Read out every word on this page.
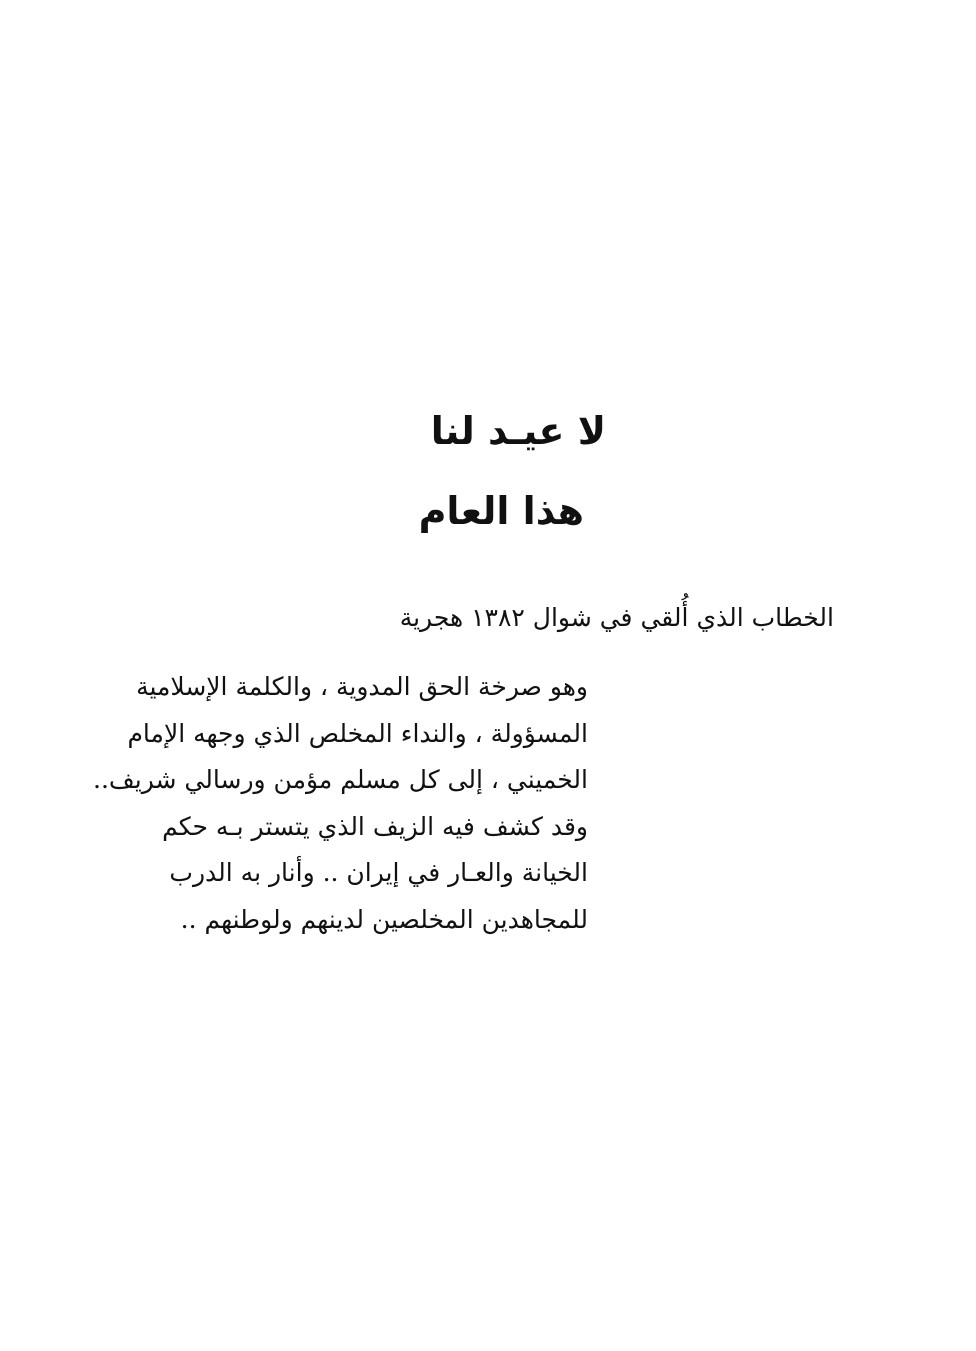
لا عيـد لنا
هذا العام
الخطاب الذي أُلقي في شوال ١٣٨٢ هجرية
وهو صرخة الحق المدوية ، والكلمة الإسلامية
المسؤولة ، والنداء المخلص الذي وجهه الإمام
الخميني ، إلى كل مسلم مؤمن ورسالي شريف..
وقد كشف فيه الزيف الذي يتستر بـه حكم
الخيانة والعـار في إيران .. وأنار به الدرب
للمجاهدين المخلصين لدينهم ولوطنهم ..
